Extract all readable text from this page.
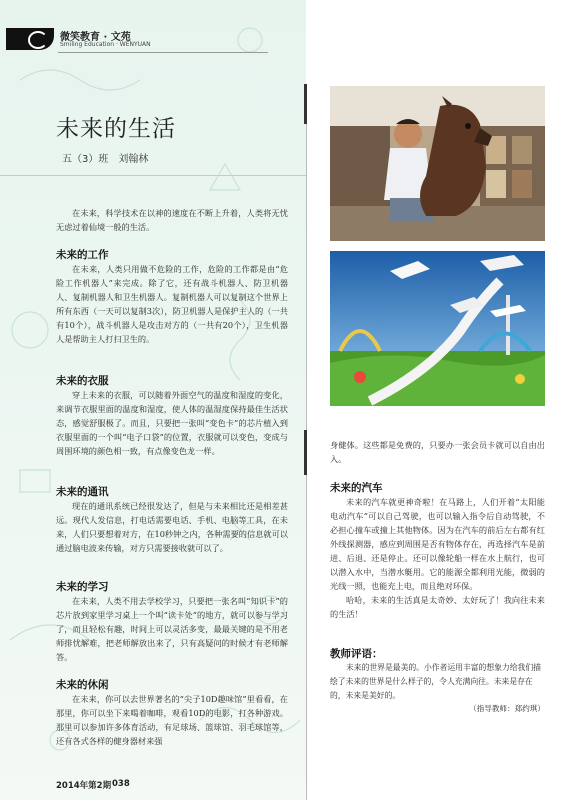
微笑教育 · 文苑
Smiling Education · WENYUAN
未来的生活
五（3）班　刘翰林

在未来，科学技术在以神的速度在不断上升着，人类将无忧无虑过着仙境一般的生活。

未来的工作

在未来，人类只用做不危险的工作，危险的工作都是由“危险工作机器人”来完成。除了它，还有战斗机器人、防卫机器人、复制机器人和卫生机器人。复制机器人可以复制这个世界上所有东西（一天可以复制3次），防卫机器人是保护主人的（一共有10个），战斗机器人是攻击对方的（一共有20个），卫生机器人是帮助主人打扫卫生的。

未来的衣服

穿上未来的衣服，可以随着外面空气的温度和湿度的变化，来调节衣服里面的温度和湿度，使人体的温湿度保持最佳生活状态，感觉舒服极了。而且，只要把一张叫“变色卡”的芯片植入到衣服里面的一个叫“电子口袋”的位置，衣服就可以变色，变成与周围环境的颜色相一致，有点像变色龙一样。

未来的通讯

现在的通讯系统已经很发达了，但是与未来相比还是相差甚远。现代人发信息，打电话需要电话、手机、电脑等工具，在未来，人们只要想着对方，在10秒钟之内，各种需要的信息就可以通过脑电波来传输，对方只需要接收就可以了。

未来的学习

在未来，人类不用去学校学习，只要把一张名叫“知识卡”的芯片放到家里学习桌上一个叫“读卡处”的地方，就可以参与学习了，而且轻松有趣，时间上可以灵活多变，最最关键的是不用老师排忧解难，把老师解放出来了，只有高疑问的时候才有老师解答。

未来的休闲

在未来，你可以去世界著名的“尖子10D趣味馆”里看看，在那里，你可以坐下来喝着咖啡，观看10D的电影，打各种游戏。那里可以参加许多体育活动，有足球场、篮球馆、羽毛球馆等，还有各式各样的健身器材来强

2014年第2期 038

身健体。这些都是免费的，只要办一张会员卡就可以自由出入。

未来的汽车

未来的汽车就更神奇啦！在马路上，人们开着“太阳能电动汽车”可以自己驾驶，也可以输入指令后自动驾驶，不必担心撞车或撞上其他物体。因为在汽车的前后左右都有红外线探测器，感应到周围是否有物体存在，再选择汽车是前进、后退、还是停止。还可以像轮船一样在水上航行，也可以潜入水中，当潜水艇用。它的能源全都利用光能，微弱的光线一照，也能充上电，而且绝对环保。

哈哈，未来的生活真是太奇妙、太好玩了！我向往未来的生活！

教师评语：

未来的世界是最美的。小作者运用丰富的想象力给我们描绘了未来的世界是什么样子的，令人充满向往。未来是存在的，未来是美好的。

（指导教师：郑约琪）
